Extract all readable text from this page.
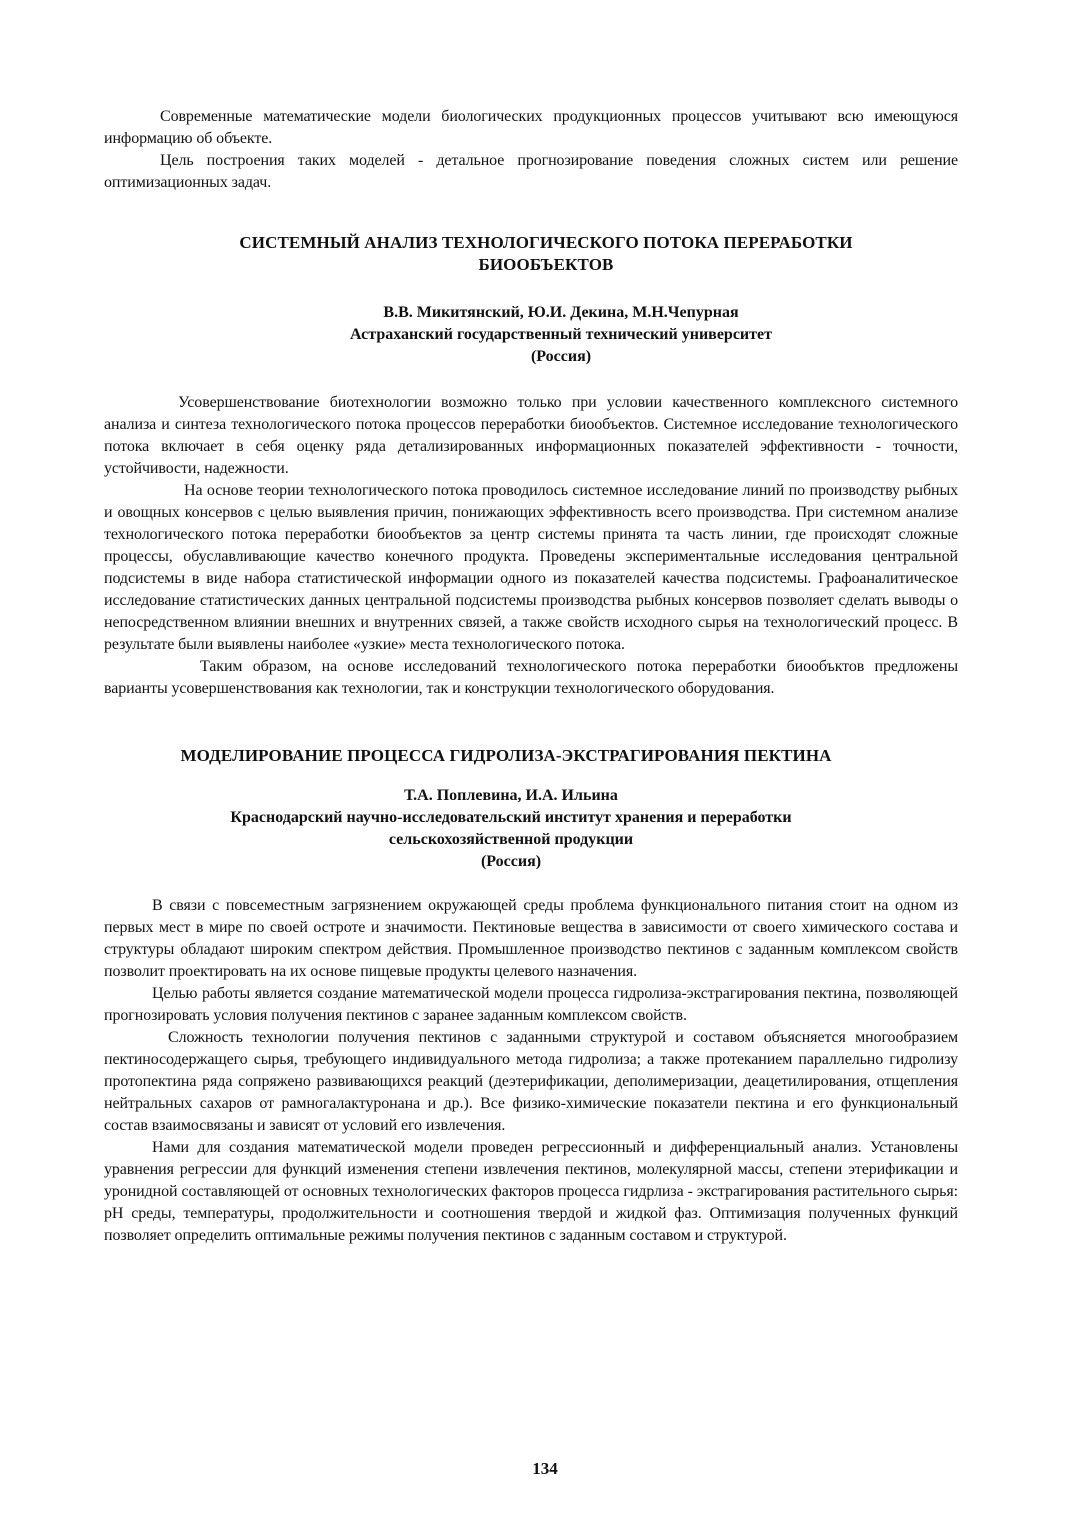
Современные математические модели биологических продукционных процессов учитывают всю имеющуюся информацию об объекте.

Цель построения таких моделей - детальное прогнозирование поведения сложных систем или решение оптимизационных задач.

СИСТЕМНЫЙ АНАЛИЗ ТЕХНОЛОГИЧЕСКОГО ПОТОКА ПЕРЕРАБОТКИ БИООБЪЕКТОВ
В.В. Микитянский, Ю.И. Декина, М.Н.Чепурная
Астраханский государственный технический университет
(Россия)

Усовершенствование биотехнологии возможно только при условии качественного комплексного системного анализа и синтеза технологического потока процессов переработки биообъектов. Системное исследование технологического потока включает в себя оценку ряда детализированных информационных показателей эффективности - точности, устойчивости, надежности.

На основе теории технологического потока проводилось системное исследование линий по производству рыбных и овощных консервов с целью выявления причин, понижающих эффективность всего производства. При системном анализе технологического потока переработки биообъектов за центр системы принята та часть линии, где происходят сложные процессы, обуславливающие качество конечного продукта. Проведены экспериментальные исследования центральной подсистемы в виде набора статистической информации одного из показателей качества подсистемы. Графоаналитическое исследование статистических данных центральной подсистемы производства рыбных консервов позволяет сделать выводы о непосредственном влиянии внешних и внутренних связей, а также свойств исходного сырья на технологический процесс. В результате были выявлены наиболее «узкие» места технологического потока.

Таким образом, на основе исследований технологического потока переработки биообъктов предложены варианты усовершенствования как технологии, так и конструкции технологического оборудования.

МОДЕЛИРОВАНИЕ ПРОЦЕССА ГИДРОЛИЗА-ЭКСТРАГИРОВАНИЯ ПЕКТИНА
Т.А. Поплевина, И.А. Ильина
Краснодарский научно-исследовательский институт хранения и переработки
сельскохозяйственной продукции
(Россия)

В связи с повсеместным загрязнением окружающей среды проблема функционального питания стоит на одном из первых мест в мире по своей остроте и значимости. Пектиновые вещества в зависимости от своего химического состава и структуры обладают широким спектром действия. Промышленное производство пектинов с заданным комплексом свойств позволит проектировать на их основе пищевые продукты целевого назначения.

Целью работы является создание математической модели процесса гидролиза-экстрагирования пектина, позволяющей прогнозировать условия получения пектинов с заранее заданным комплексом свойств.

Сложность технологии получения пектинов с заданными структурой и составом объясняется многообразием пектиносодержащего сырья, требующего индивидуального метода гидролиза; а также протеканием параллельно гидролизу протопектина ряда сопряжено развивающихся реакций (деэтерификации, деполимеризации, деацетилирования, отщепления нейтральных сахаров от рамногалактуронана и др.). Все физико-химические показатели пектина и его функциональный состав взаимосвязаны и зависят от условий его извлечения.

Нами для создания математической модели проведен регрессионный и дифференциальный анализ. Установлены уравнения регрессии для функций изменения степени извлечения пектинов, молекулярной массы, степени этерификации и уронидной составляющей от основных технологических факторов процесса гидрлиза - экстрагирования растительного сырья: pH среды, температуры, продолжительности и соотношения твердой и жидкой фаз. Оптимизация полученных функций позволяет определить оптимальные режимы получения пектинов с заданным составом и структурой.

134
